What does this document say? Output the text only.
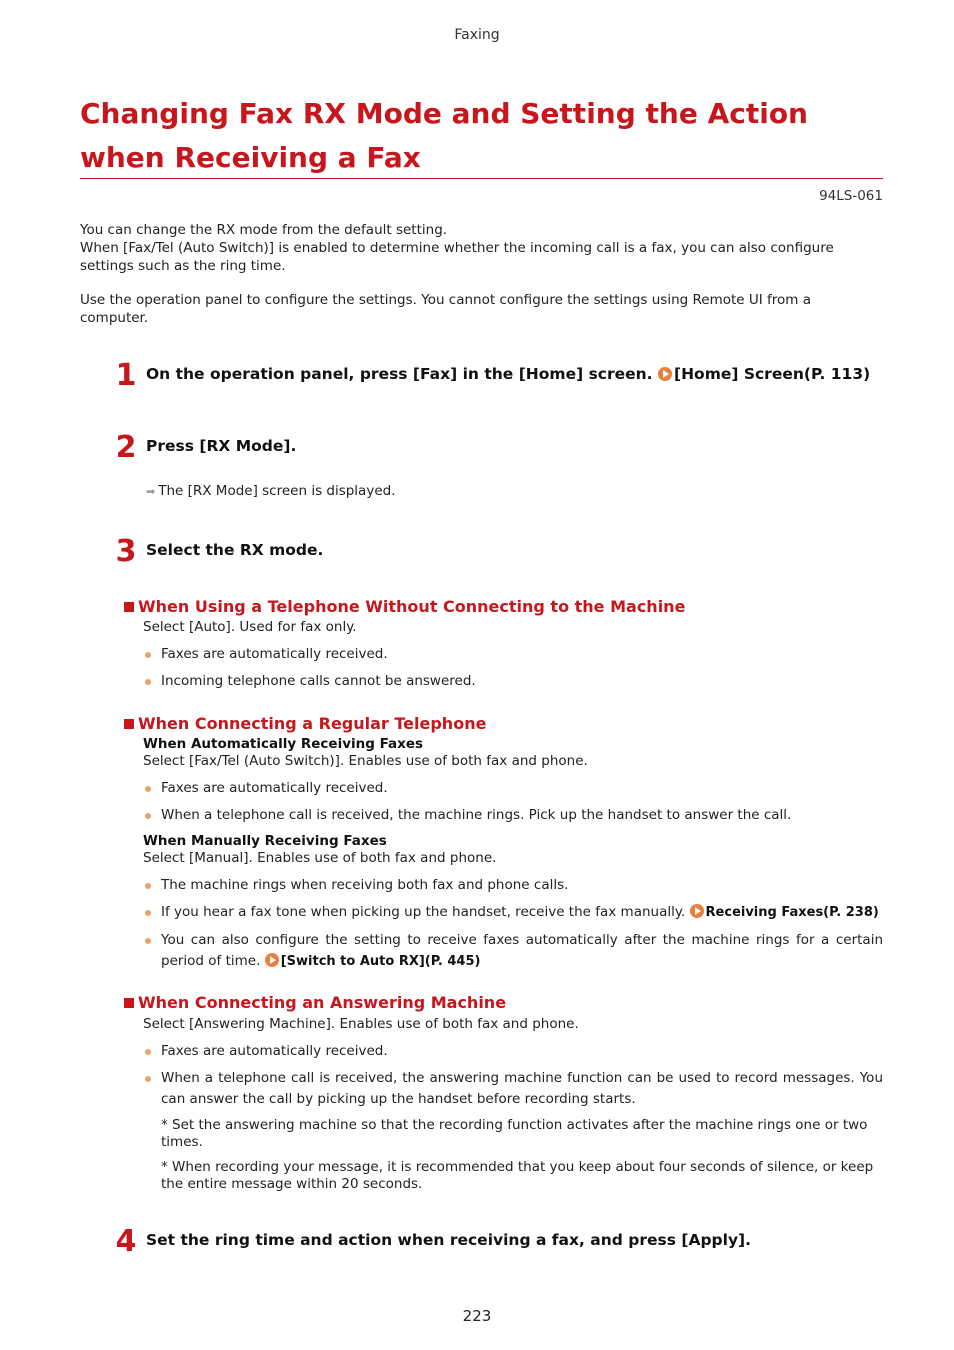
Faxing
Changing Fax RX Mode and Setting the Action when Receiving a Fax
94LS-061
You can change the RX mode from the default setting.
When [Fax/Tel (Auto Switch)] is enabled to determine whether the incoming call is a fax, you can also configure settings such as the ring time.
Use the operation panel to configure the settings. You cannot configure the settings using Remote UI from a computer.
1 On the operation panel, press [Fax] in the [Home] screen. [Home] Screen(P. 113)
2 Press [RX Mode].
➡ The [RX Mode] screen is displayed.
3 Select the RX mode.
When Using a Telephone Without Connecting to the Machine
Select [Auto]. Used for fax only.
Faxes are automatically received.
Incoming telephone calls cannot be answered.
When Connecting a Regular Telephone
When Automatically Receiving Faxes
Select [Fax/Tel (Auto Switch)]. Enables use of both fax and phone.
Faxes are automatically received.
When a telephone call is received, the machine rings. Pick up the handset to answer the call.
When Manually Receiving Faxes
Select [Manual]. Enables use of both fax and phone.
The machine rings when receiving both fax and phone calls.
If you hear a fax tone when picking up the handset, receive the fax manually. Receiving Faxes(P. 238)
You can also configure the setting to receive faxes automatically after the machine rings for a certain period of time. [Switch to Auto RX](P. 445)
When Connecting an Answering Machine
Select [Answering Machine]. Enables use of both fax and phone.
Faxes are automatically received.
When a telephone call is received, the answering machine function can be used to record messages. You can answer the call by picking up the handset before recording starts.
* Set the answering machine so that the recording function activates after the machine rings one or two times.
* When recording your message, it is recommended that you keep about four seconds of silence, or keep the entire message within 20 seconds.
4 Set the ring time and action when receiving a fax, and press [Apply].
223
